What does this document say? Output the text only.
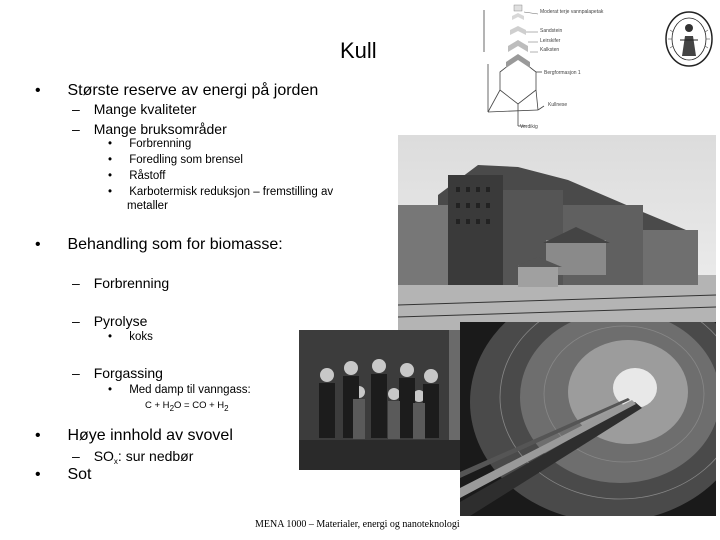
Kull
Moderat terje vannpalapetak
Sandstein
Leirskifer
Kalksten
Bergformasjon 1
Kullnese
Verdikig
• Største reserve av energi på jorden
– Mange kvaliteter
– Mange bruksområder
• Forbrenning
• Foredling som brensel
• Råstoff
• Karbotermisk reduksjon – fremstilling av
metaller
• Behandling som for biomasse:
– Forbrenning
– Pyrolyse
• koks
– Forgassing
• Med damp til vanngass:
$C + H_2O$ = CO + $H_2$
• Høye innhold av svovel
– $SO_x$: sur nedbør
• Sot
MENA 1000 – Materialer, energi og nanoteknologi
